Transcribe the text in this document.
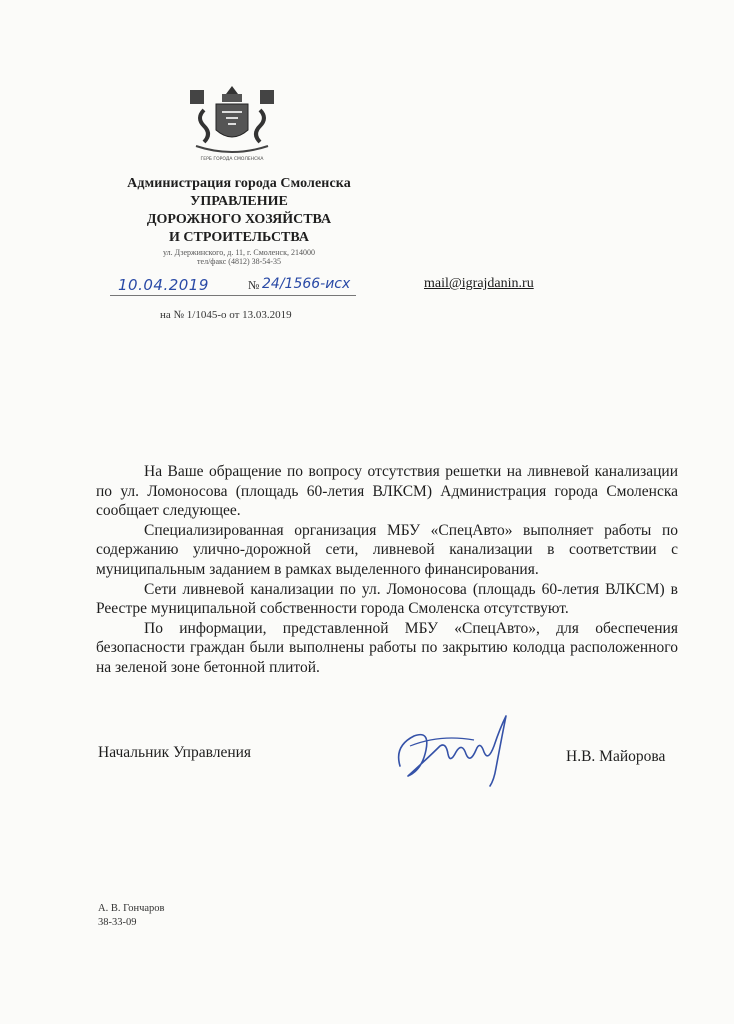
ГЕРБ ГОРОДА СМОЛЕНСКА
Администрация города Смоленска
УПРАВЛЕНИЕ
ДОРОЖНОГО ХОЗЯЙСТВА
И СТРОИТЕЛЬСТВА
ул. Дзержинского, д. 11, г. Смоленск, 214000
тел/факс (4812) 38-54-35
10.04.2019	№ 24/1566-исх	mail@igrajdanin.ru
на № 1/1045-о от 13.03.2019

На Ваше обращение по вопросу отсутствия решетки на ливневой канализации по ул. Ломоносова (площадь 60-летия ВЛКСМ) Администрация города Смоленска сообщает следующее.

Специализированная организация МБУ «СпецАвто» выполняет работы по содержанию улично-дорожной сети, ливневой канализации в соответствии с муниципальным заданием в рамках выделенного финансирования.

Сети ливневой канализации по ул. Ломоносова (площадь 60-летия ВЛКСМ) в Реестре муниципальной собственности города Смоленска отсутствуют.

По информации, представленной МБУ «СпецАвто», для обеспечения безопасности граждан были выполнены работы по закрытию колодца расположенного на зеленой зоне бетонной плитой.

Начальник Управления	Н.В. Майорова
А. В. Гончаров
38-33-09
